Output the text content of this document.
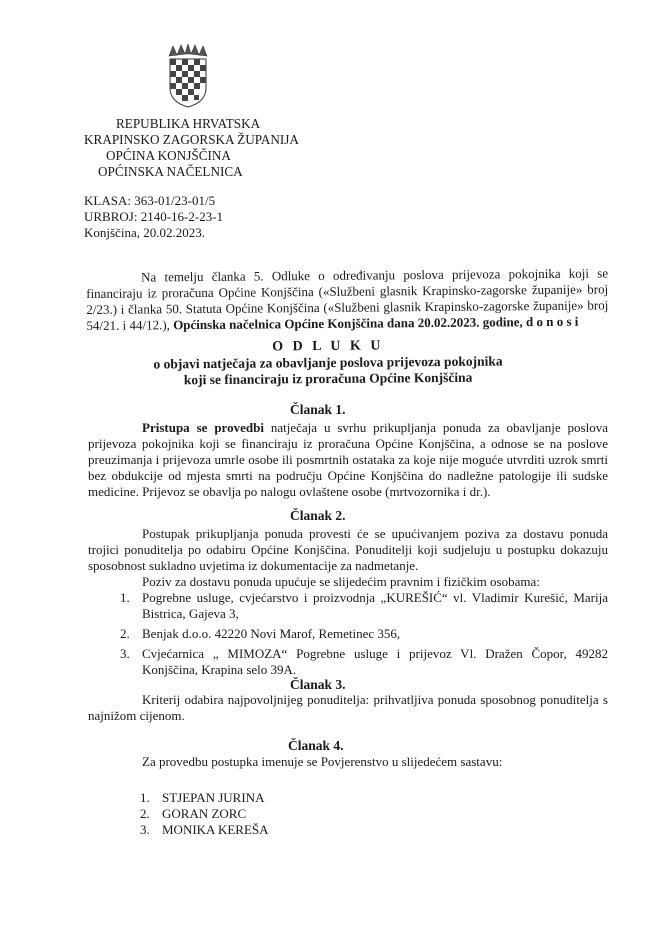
REPUBLIKA HRVATSKA
KRAPINSKO ZAGORSKA ŽUPANIJA
OPĆINA KONJŠČINA
OPĆINSKA NAČELNICA
KLASA: 363-01/23-01/5
URBROJ: 2140-16-2-23-1
Konjščina, 20.02.2023.
Na temelju članka 5. Odluke o određivanju poslova prijevoza pokojnika koji se financiraju iz proračuna Općine Konjščina («Službeni glasnik Krapinsko-zagorske županije» broj 2/23.) i članka 50. Statuta Općine Konjščina («Službeni glasnik Krapinsko-zagorske županije» broj 54/21. i 44/12.), Općinska načelnica Općine Konjščina dana 20.02.2023. godine, d o n o s i
O D L U K U
o objavi natječaja za obavljanje poslova prijevoza pokojnika
koji se financiraju iz proračuna Općine Konjščina
Članak 1.
Pristupa se provedbi natječaja u svrhu prikupljanja ponuda za obavljanje poslova prijevoza pokojnika koji se financiraju iz proračuna Općine Konjščina, a odnose se na poslove preuzimanja i prijevoza umrle osobe ili posmrtnih ostataka za koje nije moguće utvrditi uzrok smrti bez obdukcije od mjesta smrti na području Općine Konjščina do nadležne patologije ili sudske medicine. Prijevoz se obavlja po nalogu ovlaštene osobe (mrtvozornika i dr.).
Članak 2.
Postupak prikupljanja ponuda provesti će se upućivanjem poziva za dostavu ponuda trojici ponuditelja po odabiru Općine Konjščina. Ponuditelji koji sudjeluju u postupku dokazuju sposobnost sukladno uvjetima iz dokumentacije za nadmetanje.
Poziv za dostavu ponuda upućuje se slijedećim pravnim i fizičkim osobama:
1. Pogrebne usluge, cvjećarstvo i proizvodnja „KUREŠIĆ“ vl. Vladimir Kurešić, Marija Bistrica, Gajeva 3,
2. Benjak d.o.o. 42220 Novi Marof, Remetinec 356,
3. Cvjećarnica „ MIMOZA“ Pogrebne usluge i prijevoz Vl. Dražen Čopor, 49282 Konjščina, Krapina selo 39A.
Članak 3.
Kriterij odabira najpovoljnijeg ponuditelja: prihvatljiva ponuda sposobnog ponuditelja s najnižom cijenom.
Članak 4.
Za provedbu postupka imenuje se Povjerenstvo u slijedećem sastavu:
1. STJEPAN JURINA
2. GORAN ZORC
3. MONIKA KEREŠA
